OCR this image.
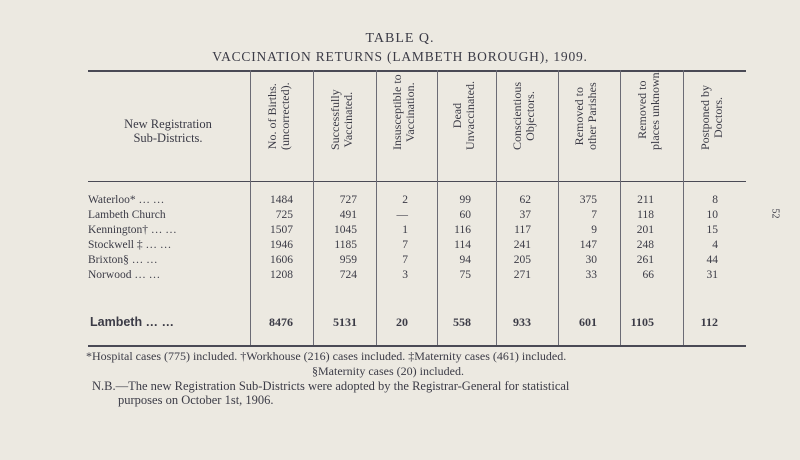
TABLE Q.
VACCINATION RETURNS (LAMBETH BOROUGH), 1909.
New Registration
Sub-Districts.	No. of Births. (uncorrected).	Successfully Vaccinated.	Insusceptible to Vaccination.	Dead Unvaccinated.	Conscientious Objectors.	Removed to other Parishes	Removed to places unknown.	Postponed by Doctors.
Waterloo* … …	1484	727	2	99	62	375	211	8
Lambeth Church	725	491	—	60	37	7	118	10
Kennington† … …	1507	1045	1	116	117	9	201	15
Stockwell ‡ … …	1946	1185	7	114	241	147	248	4
Brixton§ … …	1606	959	7	94	205	30	261	44
Norwood … …	1208	724	3	75	271	33	66	31
Lambeth … …	8476	5131	20	558	933	601	1105	112
*Hospital cases (775) included. †Workhouse (216) cases included. ‡Maternity cases (461) included.
§Maternity cases (20) included.
N.B.—The new Registration Sub-Districts were adopted by the Registrar-General for statistical
purposes on October 1st, 1906.
52
